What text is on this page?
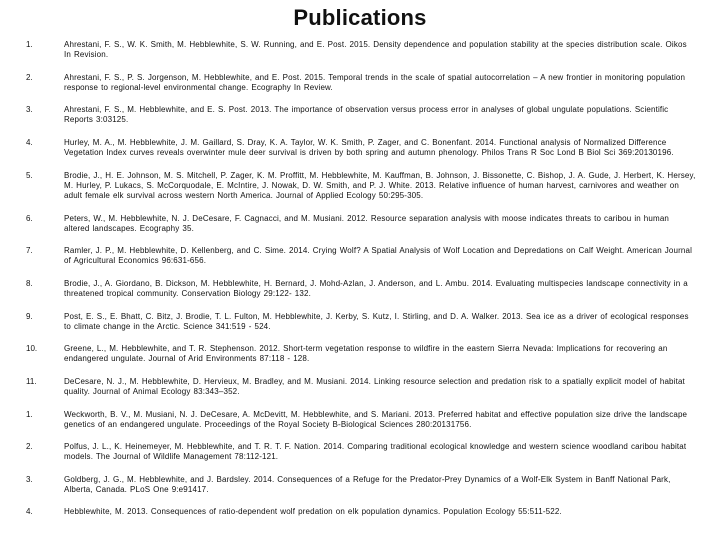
Publications
1.	Ahrestani, F. S., W. K. Smith, M. Hebblewhite, S. W. Running, and E. Post. 2015. Density dependence and population stability at the species distribution scale. Oikos In Revision.
2.	Ahrestani, F. S., P. S. Jorgenson, M. Hebblewhite, and E. Post. 2015. Temporal trends in the scale of spatial autocorrelation – A new frontier in monitoring population response to regional-level environmental change. Ecography In Review.
3.	Ahrestani, F. S., M. Hebblewhite, and E. S. Post. 2013. The importance of observation versus process error in analyses of global ungulate populations. Scientific Reports 3:03125.
4.	Hurley, M. A., M. Hebblewhite, J. M. Gaillard, S. Dray, K. A. Taylor, W. K. Smith, P. Zager, and C. Bonenfant. 2014. Functional analysis of Normalized Difference Vegetation Index curves reveals overwinter mule deer survival is driven by both spring and autumn phenology. Philos Trans R Soc Lond B Biol Sci 369:20130196.
5.	Brodie, J., H. E. Johnson, M. S. Mitchell, P. Zager, K. M. Proffitt, M. Hebblewhite, M. Kauffman, B. Johnson, J. Bissonette, C. Bishop, J. A. Gude, J. Herbert, K. Hersey, M. Hurley, P. Lukacs, S. McCorquodale, E. McIntire, J. Nowak, D. W. Smith, and P. J. White. 2013. Relative influence of human harvest, carnivores and weather on adult female elk survival across western North America. Journal of Applied Ecology 50:295-305.
6.	Peters, W., M. Hebblewhite, N. J. DeCesare, F. Cagnacci, and M. Musiani. 2012. Resource separation analysis with moose indicates threats to caribou in human altered landscapes. Ecography 35.
7.	Ramler, J. P., M. Hebblewhite, D. Kellenberg, and C. Sime. 2014. Crying Wolf? A Spatial Analysis of Wolf Location and Depredations on Calf Weight. American Journal of Agricultural Economics 96:631-656.
8.	Brodie, J., A. Giordano, B. Dickson, M. Hebblewhite, H. Bernard, J. Mohd-Azlan, J. Anderson, and L. Ambu. 2014. Evaluating multispecies landscape connectivity in a threatened tropical community. Conservation Biology 29:122- 132.
9.	Post, E. S., E. Bhatt, C. Bitz, J. Brodie, T. L. Fulton, M. Hebblewhite, J. Kerby, S. Kutz, I. Stirling, and D. A. Walker. 2013. Sea ice as a driver of ecological responses to climate change in the Arctic. Science 341:519 - 524.
10.	Greene, L., M. Hebblewhite, and T. R. Stephenson. 2012. Short-term vegetation response to wildfire in the eastern Sierra Nevada: Implications for recovering an endangered ungulate. Journal of Arid Environments 87:118 - 128.
11.	DeCesare, N. J., M. Hebblewhite, D. Hervieux, M. Bradley, and M. Musiani. 2014. Linking resource selection and predation risk to a spatially explicit model of habitat quality. Journal of Animal Ecology 83:343–352.
1.	Weckworth, B. V., M. Musiani, N. J. DeCesare, A. McDevitt, M. Hebblewhite, and S. Mariani. 2013. Preferred habitat and effective population size drive the landscape genetics of an endangered ungulate. Proceedings of the Royal Society B-Biological Sciences 280:20131756.
2.	Polfus, J. L., K. Heinemeyer, M. Hebblewhite, and T. R. T. F. Nation. 2014. Comparing traditional ecological knowledge and western science woodland caribou habitat models. The Journal of Wildlife Management 78:112-121.
3.	Goldberg, J. G., M. Hebblewhite, and J. Bardsley. 2014. Consequences of a Refuge for the Predator-Prey Dynamics of a Wolf-Elk System in Banff National Park, Alberta, Canada. PLoS One 9:e91417.
4.	Hebblewhite, M. 2013. Consequences of ratio-dependent wolf predation on elk population dynamics. Population Ecology 55:511-522.
